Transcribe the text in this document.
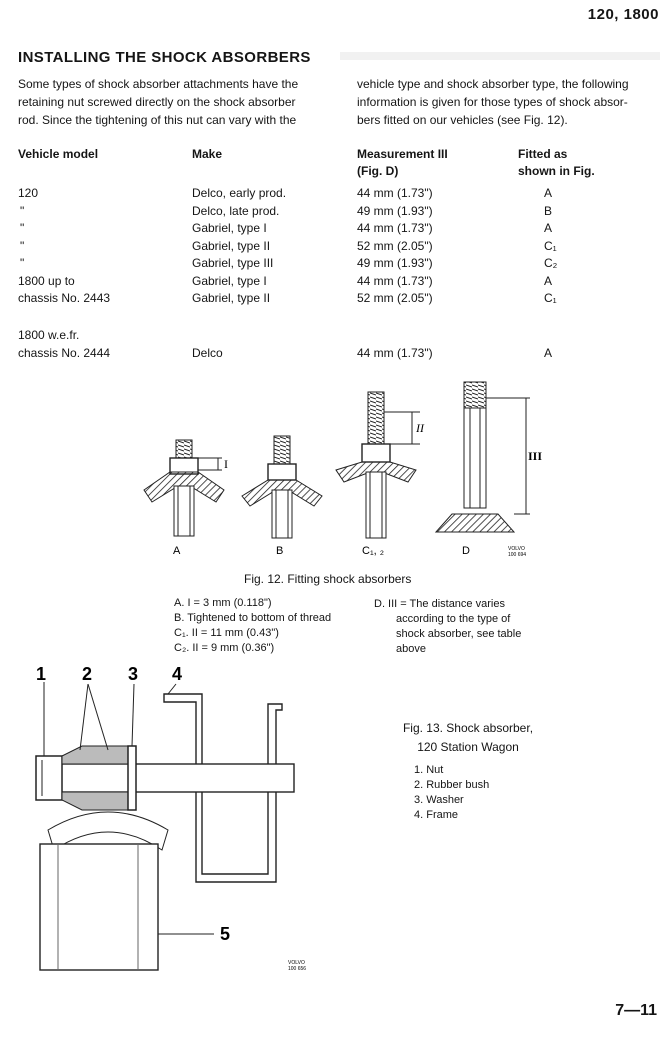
120, 1800
INSTALLING THE SHOCK ABSORBERS
Some types of shock absorber attachments have the
retaining nut screwed directly on the shock absorber
rod. Since the tightening of this nut can vary with the
vehicle type and shock absorber type, the following
information is given for those types of shock absor-
bers fitted on our vehicles (see Fig. 12).
Vehicle model	Make	Measurement III
(Fig. D)
Fitted as
shown in Fig.
120	Delco, early prod.	44 mm (1.73")	A
"	Delco, late prod.	49 mm (1.93")	B
"	Gabriel, type I	44 mm (1.73")	A
"	Gabriel, type II	52 mm (2.05")	C₁
"	Gabriel, type III	49 mm (1.93")	C₂
1800 up to	Gabriel, type I	44 mm (1.73")	A
chassis No. 2443	Gabriel, type II	52 mm (2.05")	C₁
1800 w.e.fr.
chassis No. 2444	Delco	44 mm (1.73")	A
A	B	C₁, ₂	D
I
II
III
VOLVO
100 694
Fig. 12. Fitting shock absorbers
A. I = 3 mm (0.118")
B. Tightened to bottom of thread
C₁. II = 11 mm (0.43")
C₂. II = 9 mm (0.36")
D. III = The distance varies
according to the type of
shock absorber, see table
above
1 2 3 4
5
VOLVO
100 656
Fig. 13. Shock absorber,
120 Station Wagon
1. Nut
2. Rubber bush
3. Washer
4. Frame
7—11
